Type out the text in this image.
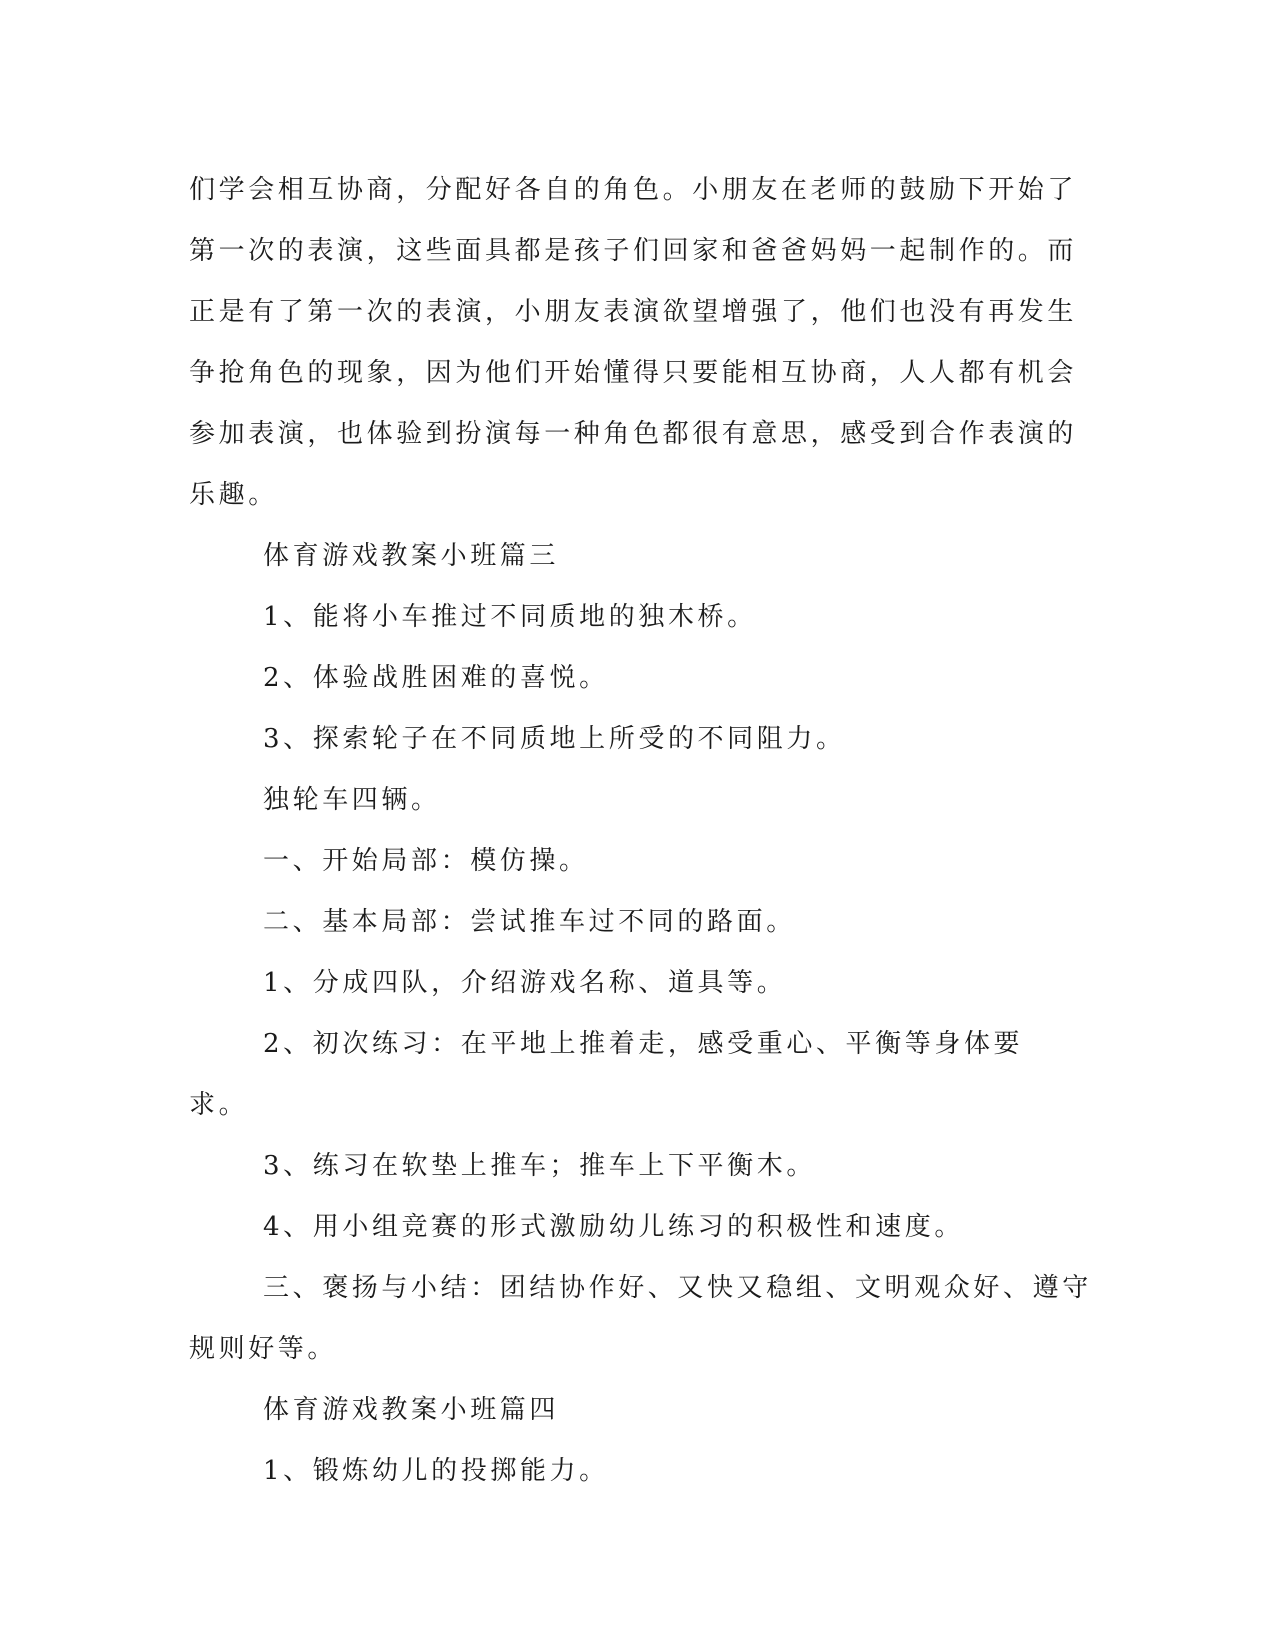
们学会相互协商，分配好各自的角色。小朋友在老师的鼓励下开始了
第一次的表演，这些面具都是孩子们回家和爸爸妈妈一起制作的。而
正是有了第一次的表演，小朋友表演欲望增强了，他们也没有再发生
争抢角色的现象，因为他们开始懂得只要能相互协商，人人都有机会
参加表演，也体验到扮演每一种角色都很有意思，感受到合作表演的
乐趣。

体育游戏教案小班篇三

1、能将小车推过不同质地的独木桥。

2、体验战胜困难的喜悦。

3、探索轮子在不同质地上所受的不同阻力。

独轮车四辆。

一、开始局部：模仿操。

二、基本局部：尝试推车过不同的路面。

1、分成四队，介绍游戏名称、道具等。

2、初次练习：在平地上推着走，感受重心、平衡等身体要求。

3、练习在软垫上推车；推车上下平衡木。

4、用小组竞赛的形式激励幼儿练习的积极性和速度。

三、褒扬与小结：团结协作好、又快又稳组、文明观众好、遵守
规则好等。

体育游戏教案小班篇四

1、锻炼幼儿的投掷能力。
